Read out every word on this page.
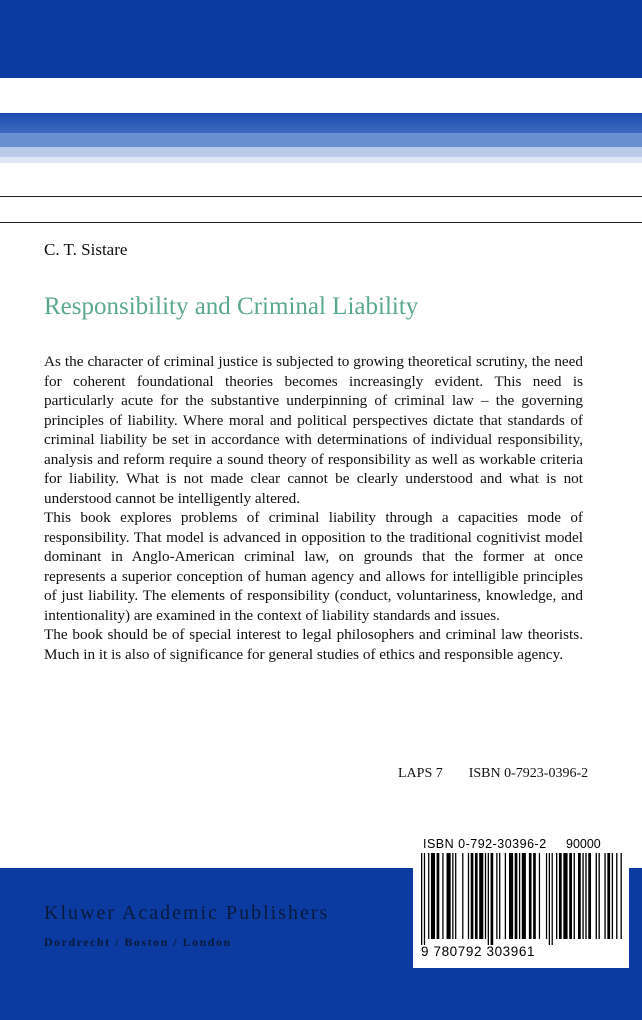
C. T. Sistare

Responsibility and Criminal Liability

As the character of criminal justice is subjected to growing theoretical scrutiny, the need for coherent foundational theories becomes increasingly evident. This need is particularly acute for the substantive underpinning of criminal law – the governing principles of liability. Where moral and political perspectives dictate that standards of criminal liability be set in accordance with determinations of individual responsibility, analysis and reform require a sound theory of responsibility as well as workable criteria for liability. What is not made clear cannot be clearly understood and what is not understood cannot be intelligently altered.

This book explores problems of criminal liability through a capacities mode of responsibility. That model is advanced in opposition to the traditional cognitivist model dominant in Anglo-American criminal law, on grounds that the former at once represents a superior conception of human agency and allows for intelligible principles of just liability. The elements of responsibility (conduct, voluntariness, knowledge, and intentionality) are examined in the context of liability standards and issues.

The book should be of special interest to legal philosophers and criminal law theorists. Much in it is also of significance for general studies of ethics and responsible agency.

LAPS 7 ISBN 0-7923-0396-2
Kluwer Academic Publishers
Dordrecht / Boston / London
ISBN 0-792-30396-2 90000
9 780792 303961
